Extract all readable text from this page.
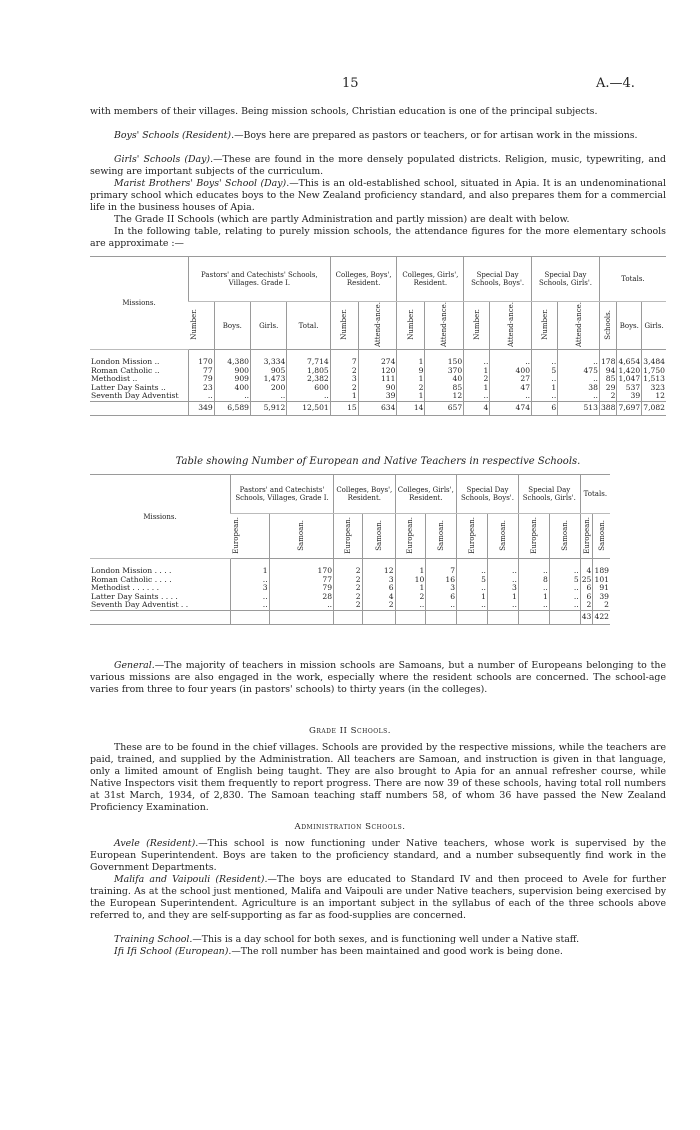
15	A.—4.

with members of their villages. Being mission schools, Christian education is one of the principal subjects.

Boys' Schools (Resident).—Boys here are prepared as pastors or teachers, or for artisan work in the missions.

Girls' Schools (Day).—These are found in the more densely populated districts. Religion, music, typewriting, and sewing are important subjects of the curriculum.

Marist Brothers' Boys' School (Day).—This is an old-established school, situated in Apia. It is an undenominational primary school which educates boys to the New Zealand proficiency standard, and also prepares them for a commercial life in the business houses of Apia.

The Grade II Schools (which are partly Administration and partly mission) are dealt with below.

In the following table, relating to purely mission schools, the attendance figures for the more elementary schools are approximate :—

Missions.	Pastors' and Catechists' Schools, Villages. Grade I.				Colleges, Boys', Resident.		Colleges, Girls', Resident.		Special Day Schools, Boys'.		Special Day Schools, Girls'.		Totals.		
	Number.	Boys.	Girls.	Total.	Number.	Attend-ance.	Number.	Attend-ance.	Number.	Attend-ance.	Number.	Attend-ance.	Schools.	Boys.	Girls.
London Mission ..	170	4,380	3,334	7,714	7	274	1	150	..	..	..	..	178	4,654	3,484
Roman Catholic ..	77	900	905	1,805	2	120	9	370	1	400	5	475	94	1,420	1,750
Methodist ..	79	909	1,473	2,382	3	111	1	40	2	27	..	..	85	1,047	1,513
Latter Day Saints ..	23	400	200	600	2	90	2	85	1	47	1	38	29	537	323
Seventh Day Adventist	..	..	..	..	1	39	1	12	..	..	..	..	2	39	12
	349	6,589	5,912	12,501	15	634	14	657	4	474	6	513	388	7,697	7,082
Table showing Number of European and Native Teachers in respective Schools.
Missions.	Pastors' and Catechists' Schools, Villages, Grade I.		Colleges, Boys', Resident.		Colleges, Girls', Resident.		Special Day Schools, Boys'.		Special Day Schools, Girls'.		Totals.	
	European.	Samoan.	European.	Samoan.	European.	Samoan.	European.	Samoan.	European.	Samoan.	European.	Samoan.
London Mission . . . .	1	170	2	12	1	7	..	..	..	..	4	189
Roman Catholic . . . .	..	77	2	3	10	16	5	..	8	5	25	101
Methodist . . . . . .	3	79	2	6	1	3	..	3	..	..	6	91
Latter Day Saints . . . .	..	28	2	4	2	6	1	1	1	..	6	39
Seventh Day Adventist . .	..	..	2	2	..	..	..	..	..	..	2	2
											43	422

General.—The majority of teachers in mission schools are Samoans, but a number of Europeans belonging to the various missions are also engaged in the work, especially where the resident schools are concerned. The school-age varies from three to four years (in pastors' schools) to thirty years (in the colleges).

Grade II Schools.

These are to be found in the chief villages. Schools are provided by the respective missions, while the teachers are paid, trained, and supplied by the Administration. All teachers are Samoan, and instruction is given in that language, only a limited amount of English being taught. They are also brought to Apia for an annual refresher course, while Native Inspectors visit them frequently to report progress. There are now 39 of these schools, having total roll numbers at 31st March, 1934, of 2,830. The Samoan teaching staff numbers 58, of whom 36 have passed the New Zealand Proficiency Examination.

Administration Schools.

Avele (Resident).—This school is now functioning under Native teachers, whose work is supervised by the European Superintendent. Boys are taken to the proficiency standard, and a number subsequently find work in the Government Departments.

Malifa and Vaipouli (Resident).—The boys are educated to Standard IV and then proceed to Avele for further training. As at the school just mentioned, Malifa and Vaipouli are under Native teachers, supervision being exercised by the European Superintendent. Agriculture is an important subject in the syllabus of each of the three schools above referred to, and they are self-supporting as far as food-supplies are concerned.

Training School.—This is a day school for both sexes, and is functioning well under a Native staff.

Ifi Ifi School (European).—The roll number has been maintained and good work is being done.
